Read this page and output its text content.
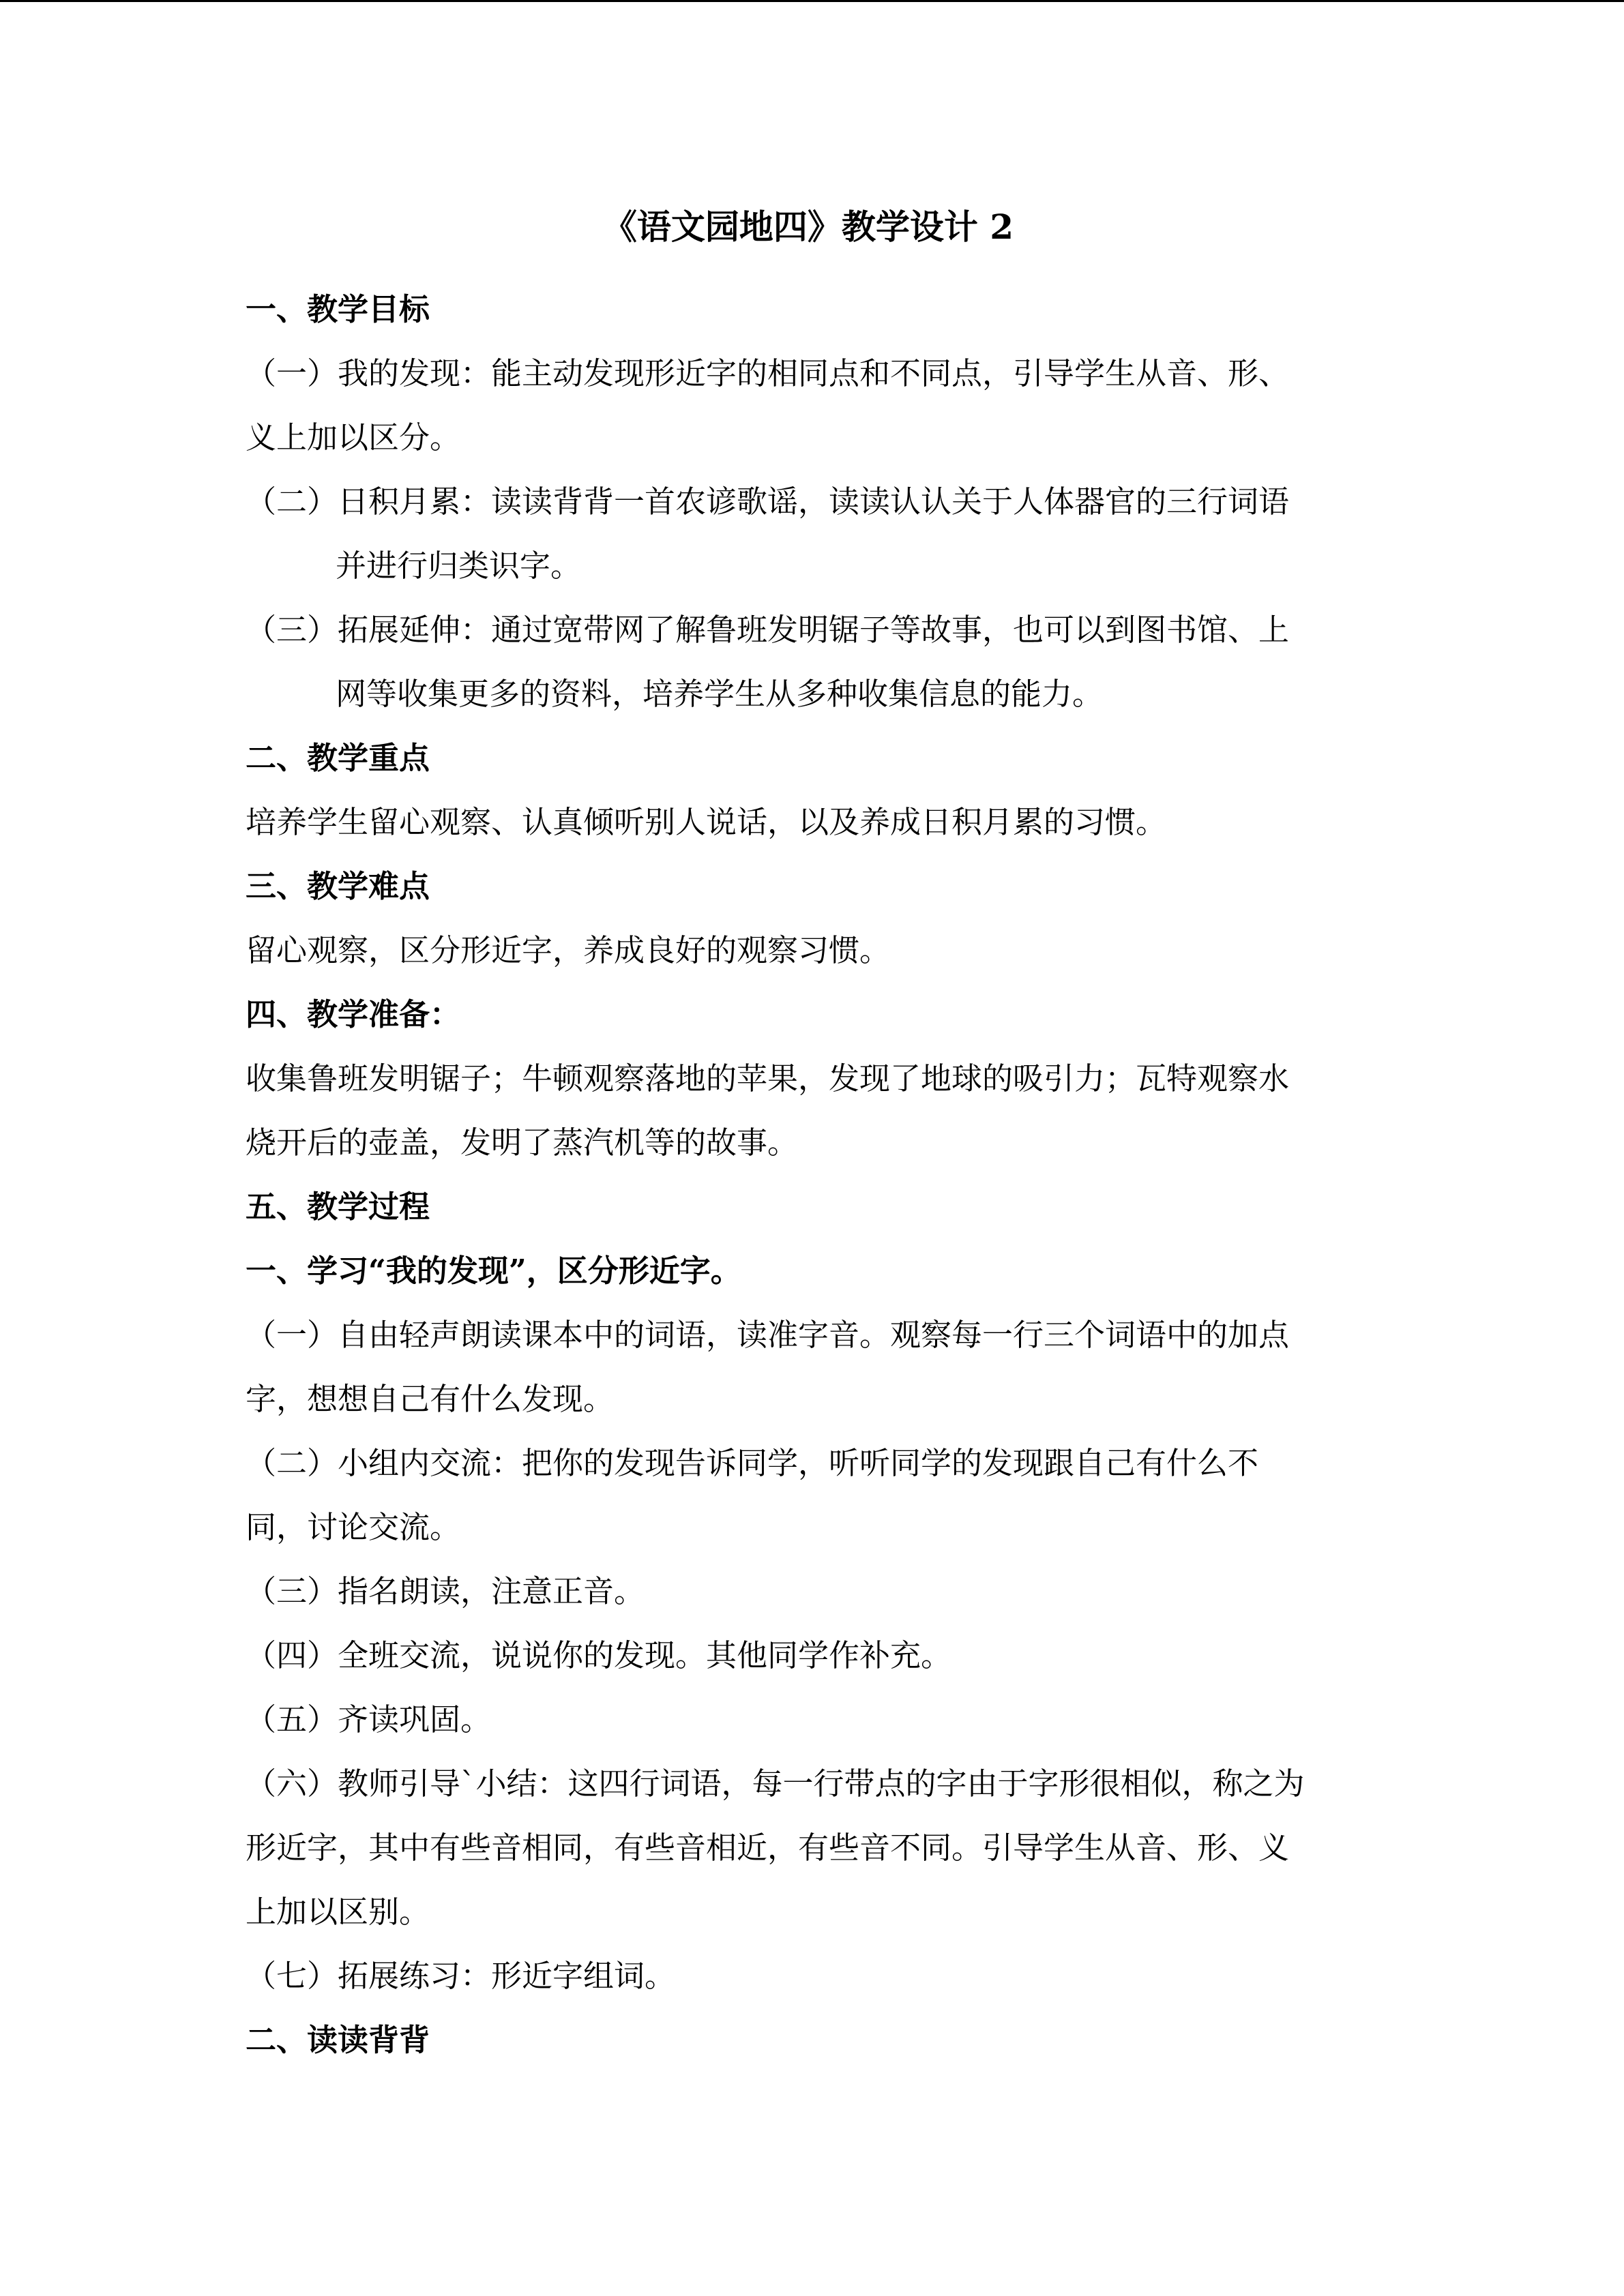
《语文园地四》教学设计 2
一、教学目标
（一）我的发现：能主动发现形近字的相同点和不同点，引导学生从音、形、
义上加以区分。
（二）日积月累：读读背背一首农谚歌谣，读读认认关于人体器官的三行词语
并进行归类识字。
（三）拓展延伸：通过宽带网了解鲁班发明锯子等故事，也可以到图书馆、上
网等收集更多的资料，培养学生从多种收集信息的能力。
二、教学重点
培养学生留心观察、认真倾听别人说话，以及养成日积月累的习惯。
三、教学难点
留心观察，区分形近字，养成良好的观察习惯。
四、教学准备：
收集鲁班发明锯子；牛顿观察落地的苹果，发现了地球的吸引力；瓦特观察水
烧开后的壶盖，发明了蒸汽机等的故事。
五、教学过程
一、学习“我的发现”，区分形近字。
（一）自由轻声朗读课本中的词语，读准字音。观察每一行三个词语中的加点
字，想想自己有什么发现。
（二）小组内交流：把你的发现告诉同学，听听同学的发现跟自己有什么不
同，讨论交流。
（三）指名朗读，注意正音。
（四）全班交流，说说你的发现。其他同学作补充。
（五）齐读巩固。
（六）教师引导`小结：这四行词语，每一行带点的字由于字形很相似，称之为
形近字，其中有些音相同，有些音相近，有些音不同。引导学生从音、形、义
上加以区别。
（七）拓展练习：形近字组词。
二、读读背背
